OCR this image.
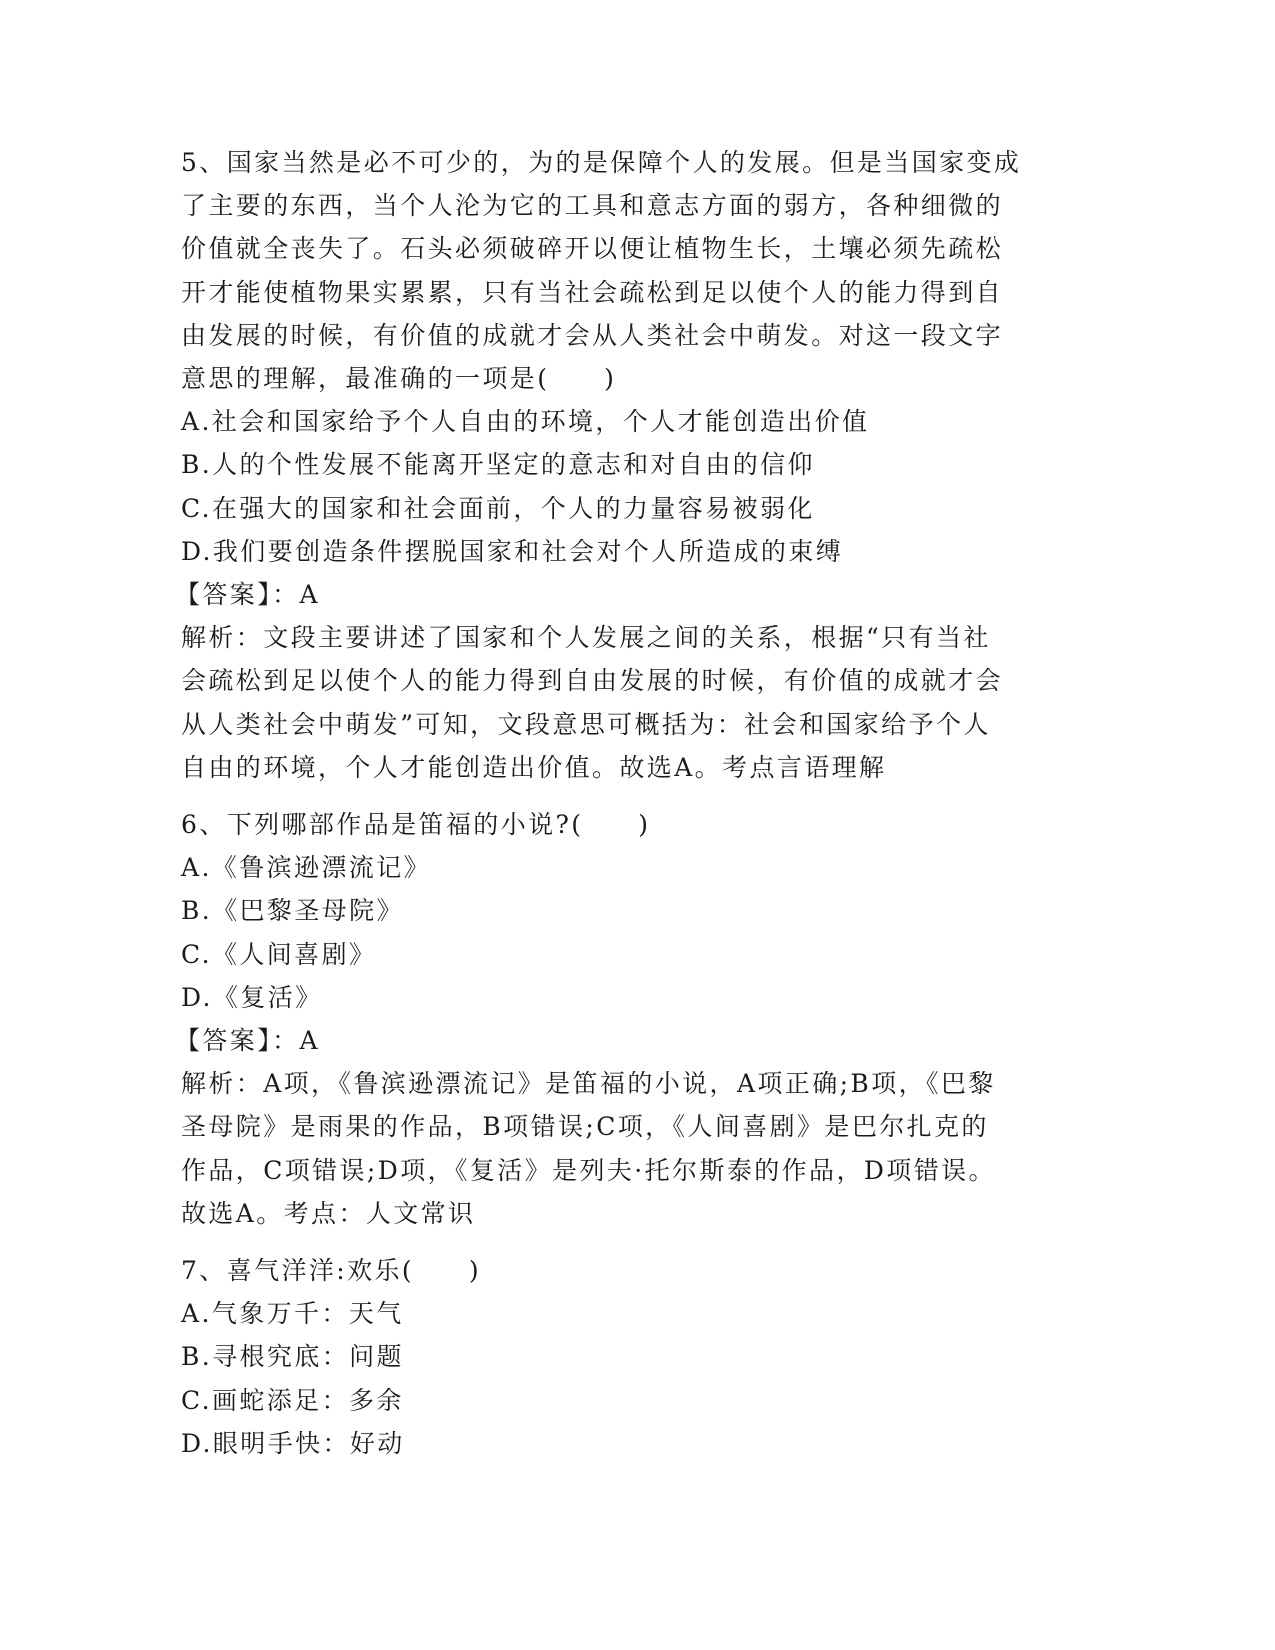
5、国家当然是必不可少的，为的是保障个人的发展。但是当国家变成

了主要的东西，当个人沦为它的工具和意志方面的弱方，各种细微的

价值就全丧失了。石头必须破碎开以便让植物生长，土壤必须先疏松

开才能使植物果实累累，只有当社会疏松到足以使个人的能力得到自

由发展的时候，有价值的成就才会从人类社会中萌发。对这一段文字

意思的理解，最准确的一项是(　　)

A.社会和国家给予个人自由的环境，个人才能创造出价值

B.人的个性发展不能离开坚定的意志和对自由的信仰

C.在强大的国家和社会面前，个人的力量容易被弱化

D.我们要创造条件摆脱国家和社会对个人所造成的束缚

【答案】：A

解析：文段主要讲述了国家和个人发展之间的关系，根据“只有当社

会疏松到足以使个人的能力得到自由发展的时候，有价值的成就才会

从人类社会中萌发”可知，文段意思可概括为：社会和国家给予个人

自由的环境，个人才能创造出价值。故选A。考点言语理解

6、下列哪部作品是笛福的小说?(　　)

A.《鲁滨逊漂流记》

B.《巴黎圣母院》

C.《人间喜剧》

D.《复活》

【答案】：A

解析：A项，《鲁滨逊漂流记》是笛福的小说，A项正确;B项，《巴黎

圣母院》是雨果的作品，B项错误;C项，《人间喜剧》是巴尔扎克的

作品，C项错误;D项，《复活》是列夫·托尔斯泰的作品，D项错误。

故选A。考点：人文常识

7、喜气洋洋:欢乐(　　)

A.气象万千：天气

B.寻根究底：问题

C.画蛇添足：多余

D.眼明手快：好动
